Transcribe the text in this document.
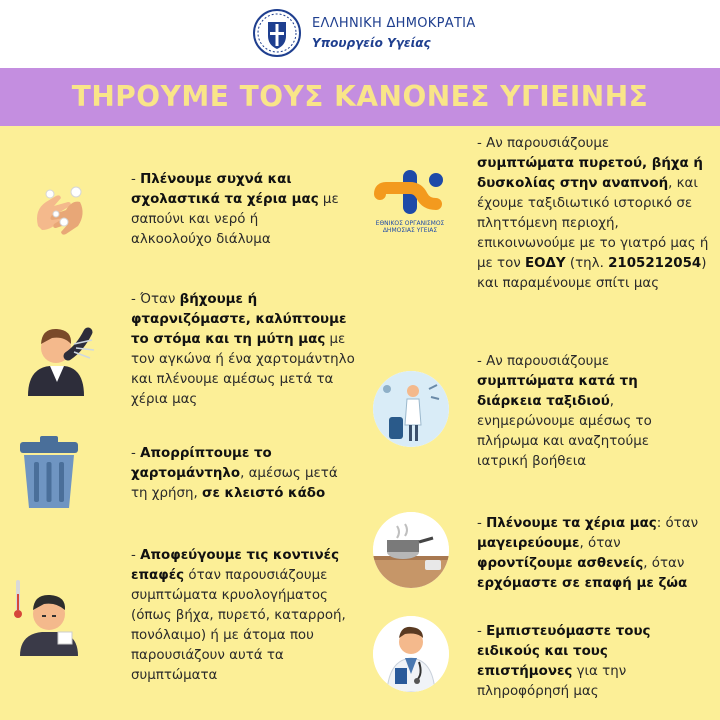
ΕΛΛΗΝΙΚΗ ΔΗΜΟΚΡΑΤΙΑ
Υπουργείο Υγείας
ΤΗΡΟΥΜΕ ΤΟΥΣ ΚΑΝΟΝΕΣ ΥΓΙΕΙΝΗΣ
ΕΘΝΙΚΟΣ ΟΡΓΑΝΙΣΜΟΣ
ΔΗΜΟΣΙΑΣ ΥΓΕΙΑΣ
- Πλένουμε συχνά και σχολαστικά τα χέρια μας με σαπούνι και νερό ή αλκοολούχο διάλυμα
- Όταν βήχουμε ή φταρνιζόμαστε, καλύπτουμε το στόμα και τη μύτη μας με τον αγκώνα ή ένα χαρτομάντηλο και πλένουμε αμέσως μετά τα χέρια μας
- Απορρίπτουμε το χαρτομάντηλο, αμέσως μετά τη χρήση, σε κλειστό κάδο
- Αποφεύγουμε τις κοντινές επαφές όταν παρουσιάζουμε συμπτώματα κρυολογήματος (όπως βήχα, πυρετό, καταρροή, πονόλαιμο) ή με άτομα που παρουσιάζουν αυτά τα συμπτώματα
- Αν παρουσιάζουμε συμπτώματα πυρετού, βήχα ή δυσκολίας στην αναπνοή, και έχουμε ταξιδιωτικό ιστορικό σε πληττόμενη περιοχή, επικοινωνούμε με το γιατρό μας ή με τον ΕΟΔΥ (τηλ. 2105212054) και παραμένουμε σπίτι μας
- Αν παρουσιάζουμε συμπτώματα κατά τη διάρκεια ταξιδιού, ενημερώνουμε αμέσως το πλήρωμα και αναζητούμε ιατρική βοήθεια
- Πλένουμε τα χέρια μας: όταν μαγειρεύουμε, όταν φροντίζουμε ασθενείς, όταν ερχόμαστε σε επαφή με ζώα
- Εμπιστευόμαστε τους ειδικούς και τους επιστήμονες για την πληροφόρησή μας
